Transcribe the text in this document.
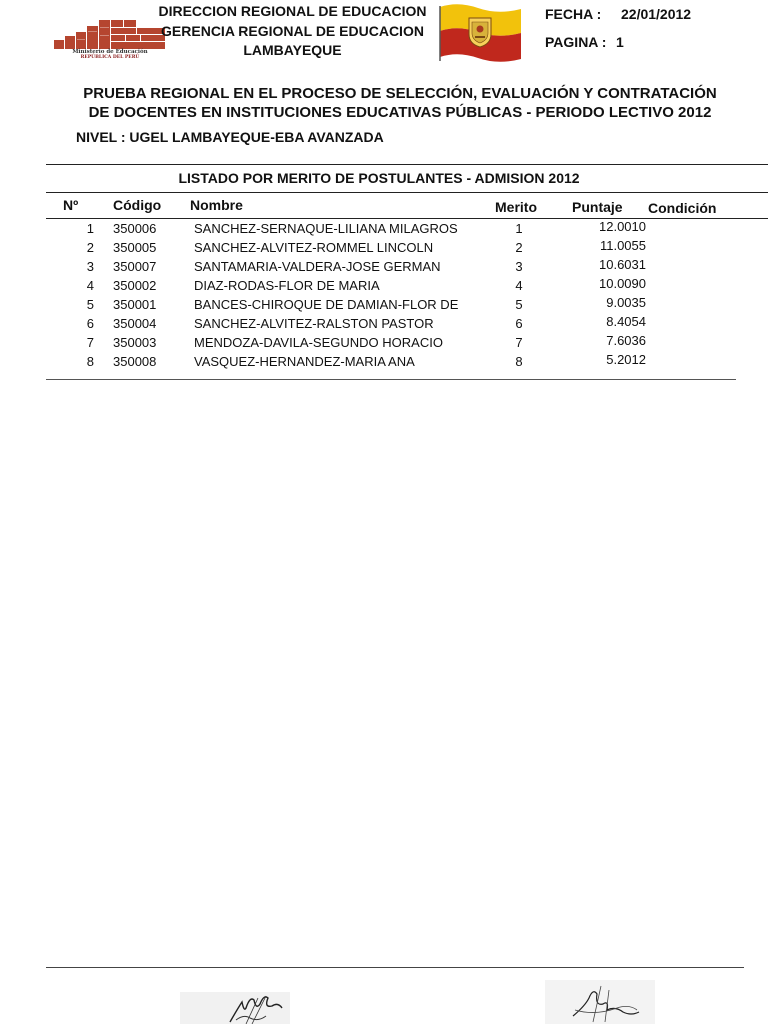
Ministerio de Educación
REPÚBLICA DEL PERÚ
DIRECCION REGIONAL DE EDUCACION
GERENCIA REGIONAL DE EDUCACION
LAMBAYEQUE
FECHA : 22/01/2012
PAGINA : 1
PRUEBA REGIONAL EN EL PROCESO DE SELECCIÓN, EVALUACIÓN Y CONTRATACIÓN
DE DOCENTES EN INSTITUCIONES EDUCATIVAS PÚBLICAS - PERIODO LECTIVO 2012
NIVEL : UGEL LAMBAYEQUE-EBA AVANZADA
LISTADO POR MERITO DE POSTULANTES - ADMISION 2012
Nº Código Nombre	Merito	Puntaje Condición
1 350006	SANCHEZ-SERNAQUE-LILIANA MILAGROS	1	12.0010
2 350005	SANCHEZ-ALVITEZ-ROMMEL LINCOLN	2	11.0055
3 350007	SANTAMARIA-VALDERA-JOSE GERMAN	3	10.6031
4 350002	DIAZ-RODAS-FLOR DE MARIA	4	10.0090
5 350001	BANCES-CHIROQUE DE DAMIAN-FLOR DE	5	9.0035
6 350004	SANCHEZ-ALVITEZ-RALSTON PASTOR	6	8.4054
7 350003	MENDOZA-DAVILA-SEGUNDO HORACIO	7	7.6036
8 350008	VASQUEZ-HERNANDEZ-MARIA ANA	8	5.2012
